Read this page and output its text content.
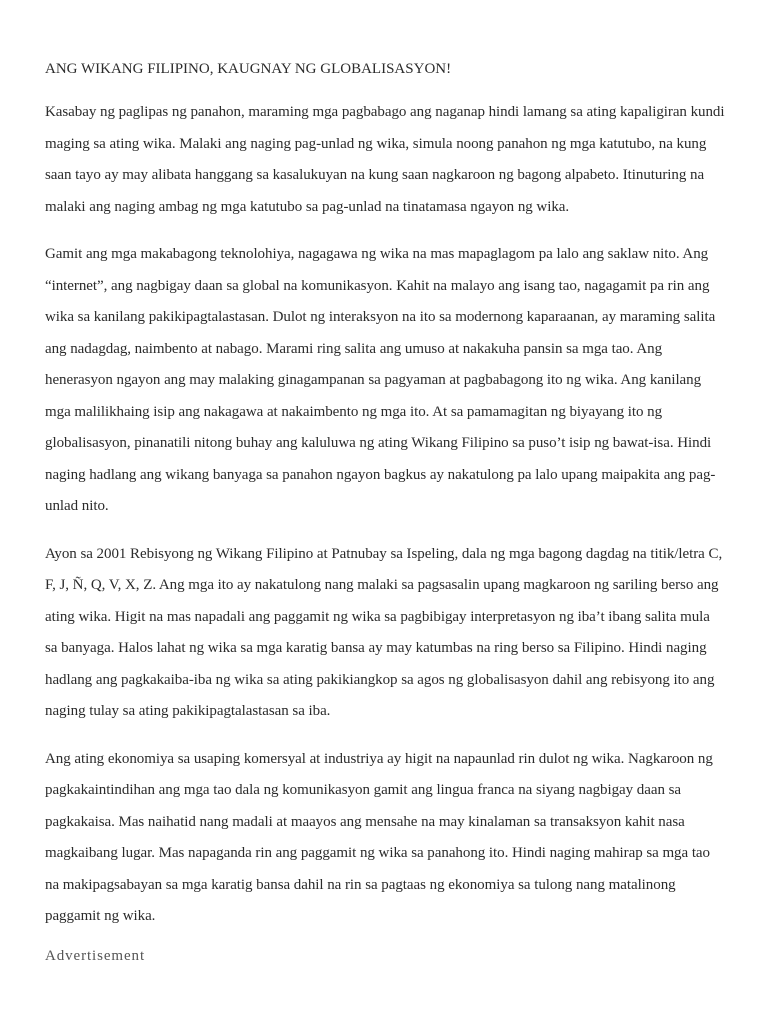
ANG WIKANG FILIPINO, KAUGNAY NG GLOBALISASYON!

Kasabay ng paglipas ng panahon, maraming mga pagbabago ang naganap hindi lamang sa ating kapaligiran kundi maging sa ating wika. Malaki ang naging pag-unlad ng wika, simula noong panahon ng mga katutubo, na kung saan tayo ay may alibata hanggang sa kasalukuyan na kung saan nagkaroon ng bagong alpabeto. Itinuturing na malaki ang naging ambag ng mga katutubo sa pag-unlad na tinatamasa ngayon ng wika.

Gamit ang mga makabagong teknolohiya, nagagawa ng wika na mas mapaglagom pa lalo ang saklaw nito. Ang “internet”, ang nagbigay daan sa global na komunikasyon. Kahit na malayo ang isang tao, nagagamit pa rin ang wika sa kanilang pakikipagtalastasan. Dulot ng interaksyon na ito sa modernong kaparaanan, ay maraming salita ang nadagdag, naimbento at nabago. Marami ring salita ang umuso at nakakuha pansin sa mga tao. Ang henerasyon ngayon ang may malaking ginagampanan sa pagyaman at pagbabagong ito ng wika. Ang kanilang mga malilikhaing isip ang nakagawa at nakaimbento ng mga ito. At sa pamamagitan ng biyayang ito ng globalisasyon, pinanatili nitong buhay ang kaluluwa ng ating Wikang Filipino sa puso’t isip ng bawat-isa. Hindi naging hadlang ang wikang banyaga sa panahon ngayon bagkus ay nakatulong pa lalo upang maipakita ang pag-unlad nito.

Ayon sa 2001 Rebisyong ng Wikang Filipino at Patnubay sa Ispeling, dala ng mga bagong dagdag na titik/letra C, F, J, Ñ, Q, V, X, Z. Ang mga ito ay nakatulong nang malaki sa pagsasalin upang magkaroon ng sariling berso ang ating wika. Higit na mas napadali ang paggamit ng wika sa pagbibigay interpretasyon ng iba’t ibang salita mula sa banyaga. Halos lahat ng wika sa mga karatig bansa ay may katumbas na ring berso sa Filipino. Hindi naging hadlang ang pagkakaiba-iba ng wika sa ating pakikiangkop sa agos ng globalisasyon dahil ang rebisyong ito ang naging tulay sa ating pakikipagtalastasan sa iba.

Ang ating ekonomiya sa usaping komersyal at industriya ay higit na napaunlad rin dulot ng wika. Nagkaroon ng pagkakaintindihan ang mga tao dala ng komunikasyon gamit ang lingua franca na siyang nagbigay daan sa pagkakaisa. Mas naihatid nang madali at maayos ang mensahe na may kinalaman sa transaksyon kahit nasa magkaibang lugar. Mas napaganda rin ang paggamit ng wika sa panahong ito. Hindi naging mahirap sa mga tao na makipagsabayan sa mga karatig bansa dahil na rin sa pagtaas ng ekonomiya sa tulong nang matalinong paggamit ng wika.

Advertisement
